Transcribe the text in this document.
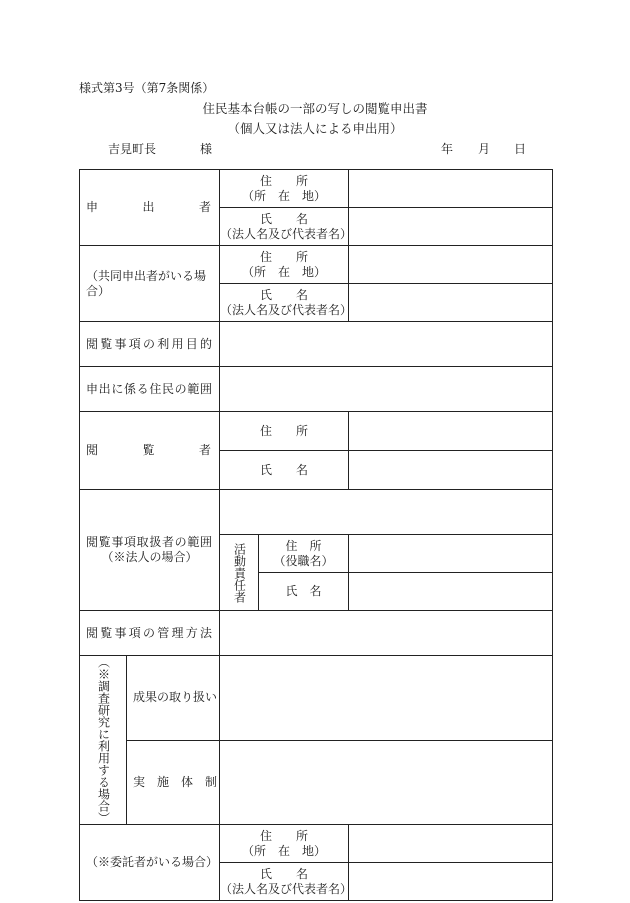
様式第3号（第7条関係）
住民基本台帳の一部の写しの閲覧申出書
（個人又は法人による申出用）
吉見町長	様	年 月 日
申　出　者		住　　所
（所　在　地）		

		氏　　名
（法人名及び代表者名）		

（共同申出者がいる場合）		住　　所
（所　在　地）		

		氏　　名
（法人名及び代表者名）		

閲覧事項の利用目的				
申出に係る住民の範囲				
閲　覧　者		住　　所		
		氏　　名		

閲覧事項取扱者の範囲
（※法人の場合）				

		活動責任者	住　所
（役職名）	

			氏　名	
閲覧事項の管理方法				

（※調査研究に利用する場合）	成果の取り扱い			
	実　施　体　制			
（※委託者がいる場合）		住　　所
（所　在　地）		

		氏　　名
（法人名及び代表者名）		
